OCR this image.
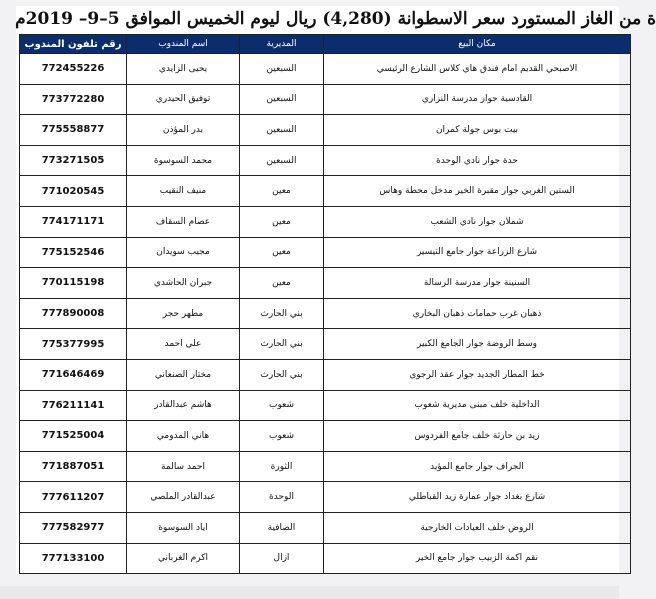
ة من الغاز المستورد سعر الاسطوانة (4,280) ريال ليوم الخميس الموافق 5–9– 2019م
رقم تلفون المندوب	اسم المندوب	المديرية	مكان البيع
772455226	يحيى الزايدي	السبعين	الاصبحي القديم امام فندق هاي كلاس الشارع الرئيسي
773772280	توفيق الحيدري	السبعين	القادسية جوار مدرسة النزاري
775558877	بدر المؤذن	السبعين	بيت بوس جولة كمران
773271505	محمد السوسوة	السبعين	حدة جوار نادي الوحدة
771020545	منيف النقيب	معين	الستين الغربي جوار مقبرة الخير مدخل محطة وهاس
774171171	عصام السقاف	معين	شملان جوار نادي الشعب
775152546	مجيب سويدان	معين	شارع الزراعة جوار جامع التيسير
770115198	جبران الحاشدي	معين	السنينة جوار مدرسة الرسالة
777890008	مطهر حجر	بني الحارث	ذهبان غرب حمامات ذهبان البخاري
775377995	علي احمد	بني الحارث	وسط الروضة جوار الجامع الكبير
771646469	مختار الصنعاني	بني الحارث	خط المطار الجديد جوار عقد الرجوي
776211141	هاشم عبدالقادر	شعوب	الداخلية خلف مبنى مديرية شعوب
771525004	هاني المدومي	شعوب	زيد بن حارثة خلف جامع الفردوس
771887051	احمد سالمة	الثورة	الجراف جوار جامع المؤيد
777611207	عبدالقادر الملصي	الوحدة	شارع بغداد جوار عمارة زيد القباطلي
777582977	اياد السوسوة	الصافية	الروض خلف العيادات الخارجية
777133100	اكرم الغرباني	ازال	نقم اكمة الزبيب جوار جامع الخير
